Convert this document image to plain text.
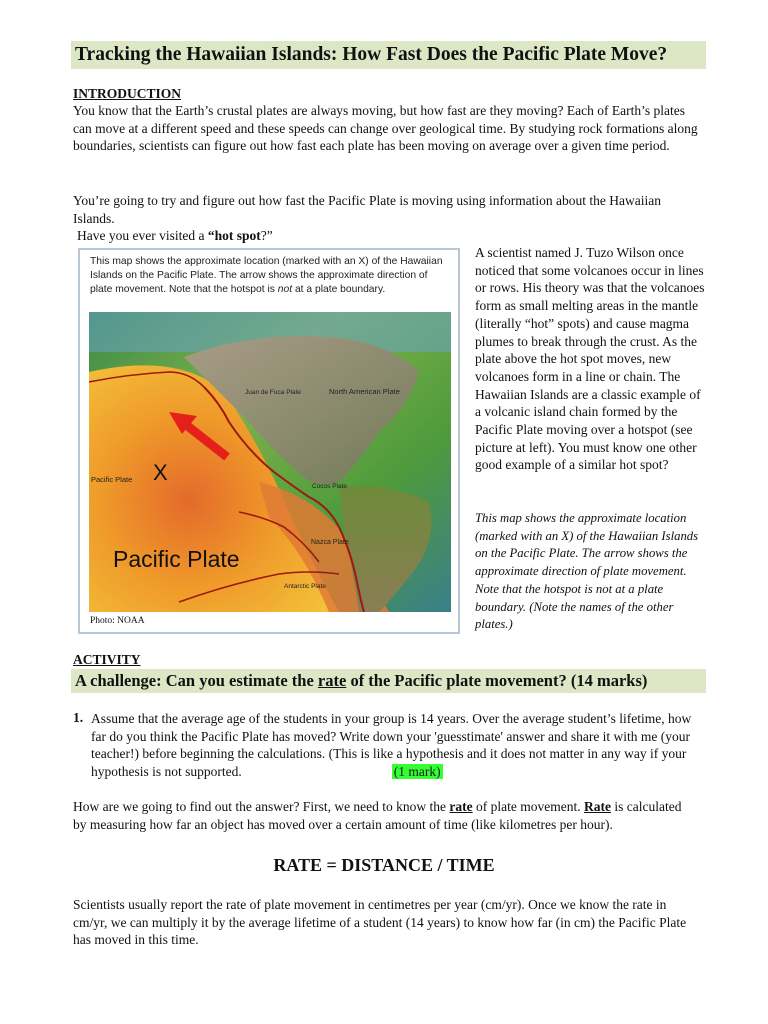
Tracking the Hawaiian Islands: How Fast Does the Pacific Plate Move?
INTRODUCTION
You know that the Earth’s crustal plates are always moving, but how fast are they moving? Each of Earth’s plates can move at a different speed and these speeds can change over geological time. By studying rock formations along boundaries, scientists can figure out how fast each plate has been moving on average over a given time period.
You’re going to try and figure out how fast the Pacific Plate is moving using information about the Hawaiian Islands.
Have you ever visited a “hot spot?”
This map shows the approximate location (marked with an X) of the Hawaiian Islands on the Pacific Plate. The arrow shows the approximate direction of plate movement. Note that the hotspot is not at a plate boundary.
Juan de Fuca Plate	North American Plate
Pacific Plate
Cocos Plate
Nazca Plate
Antarctic Plate
X
Pacific Plate
Photo: NOAA
A scientist named J. Tuzo Wilson once noticed that some volcanoes occur in lines or rows. His theory was that the volcanoes form as small melting areas in the mantle (literally “hot” spots) and cause magma plumes to break through the crust. As the plate above the hot spot moves, new volcanoes form in a line or chain. The Hawaiian Islands are a classic example of a volcanic island chain formed by the Pacific Plate moving over a hotspot (see picture at left). You must know one other good example of a similar hot spot?
This map shows the approximate location (marked with an X) of the Hawaiian Islands on the Pacific Plate. The arrow shows the approximate direction of plate movement. Note that the hotspot is not at a plate boundary. (Note the names of the other plates.)
ACTIVITY
A challenge: Can you estimate the rate of the Pacific plate movement? (14 marks)
1. Assume that the average age of the students in your group is 14 years. Over the average student’s lifetime, how far do you think the Pacific Plate has moved? Write down your 'guesstimate' answer and share it with me (your teacher!) before beginning the calculations. (This is like a hypothesis and it does not matter in any way if your hypothesis is not supported.	(1 mark)
How are we going to find out the answer? First, we need to know the rate of plate movement. Rate is calculated by measuring how far an object has moved over a certain amount of time (like kilometres per hour).
RATE = DISTANCE / TIME
Scientists usually report the rate of plate movement in centimetres per year (cm/yr). Once we know the rate in cm/yr, we can multiply it by the average lifetime of a student (14 years) to know how far (in cm) the Pacific Plate has moved in this time.
